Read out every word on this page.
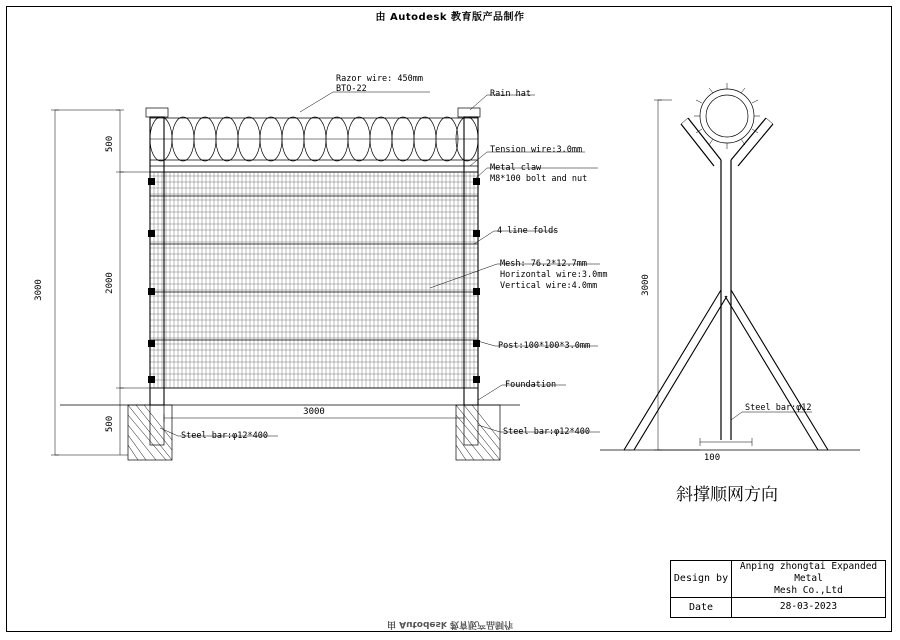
由 Autodesk 教育版产品制作
由 Autodesk 教育版产品制作
Razor wire: 450mm
BTO-22	Rain hat
Tension wire:3.0mm
Metal claw
M8*100 bolt and nut
4 line folds
Mesh: 76.2*12.7mm
Horizontal wire:3.0mm
Vertical wire:4.0mm
Post:100*100*3.0mm
Foundation
Steel bar:φ12*400
Steel bar:φ12*400
3000
500
2000
500
3000
3000
100
Steel bar:φ12
斜撑顺网方向
Design by
Anping zhongtai Expanded Metal
Mesh Co.,Ltd
Date	28-03-2023
